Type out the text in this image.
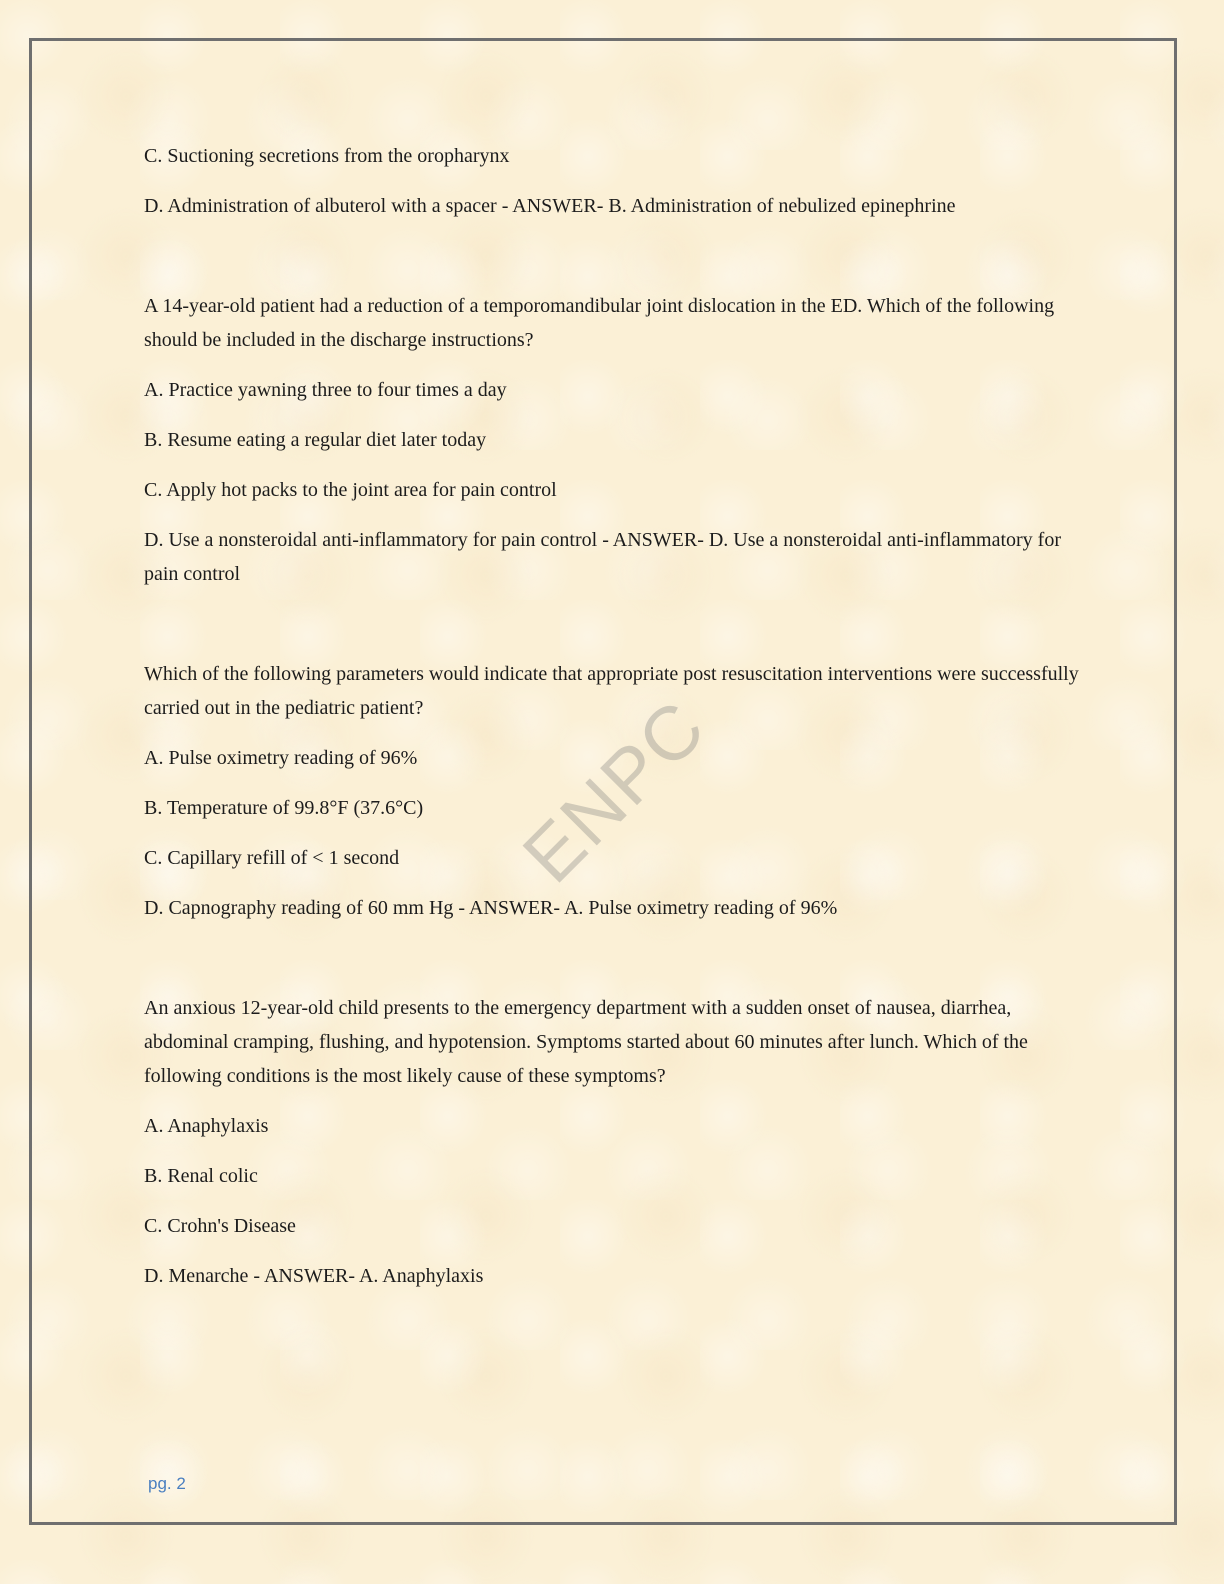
C. Suctioning secretions from the oropharynx

D. Administration of albuterol with a spacer - ANSWER- B. Administration of nebulized epinephrine

A 14-year-old patient had a reduction of a temporomandibular joint dislocation in the ED. Which of the following should be included in the discharge instructions?

A. Practice yawning three to four times a day

B. Resume eating a regular diet later today

C. Apply hot packs to the joint area for pain control

D. Use a nonsteroidal anti-inflammatory for pain control - ANSWER- D. Use a nonsteroidal anti-inflammatory for pain control

Which of the following parameters would indicate that appropriate post resuscitation interventions were successfully carried out in the pediatric patient?

A. Pulse oximetry reading of 96%

B. Temperature of 99.8°F (37.6°C)

C. Capillary refill of < 1 second

D. Capnography reading of 60 mm Hg - ANSWER- A. Pulse oximetry reading of 96%

An anxious 12-year-old child presents to the emergency department with a sudden onset of nausea, diarrhea, abdominal cramping, flushing, and hypotension. Symptoms started about 60 minutes after lunch. Which of the following conditions is the most likely cause of these symptoms?

A. Anaphylaxis

B. Renal colic

C. Crohn's Disease

D. Menarche - ANSWER- A. Anaphylaxis

ENPC
pg. 2
